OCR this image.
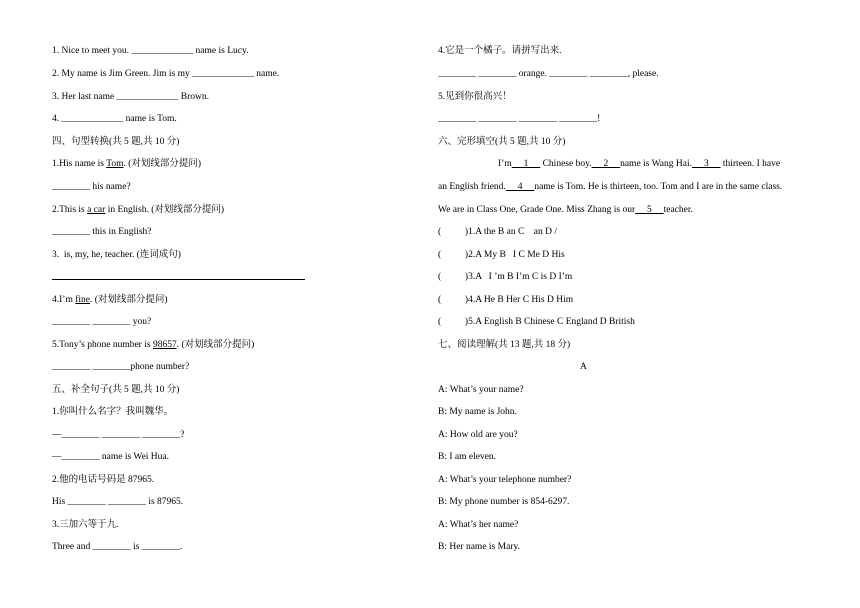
1. Nice to meet you. _____________ name is Lucy.
2. My name is Jim Green. Jim is my _____________ name.
3. Her last name _____________ Brown.
4. _____________ name is Tom.
四、句型转换(共 5 题,共 10 分)
1.His name is Tom. (对划线部分提问)
________ his name?
2.This is a car in English. (对划线部分提问)
________ this in English?
3.  is, my, he, teacher. (连词成句)
4.I’m fine. (对划线部分提问)
________ ________ you?
5.Tony’s phone number is 98657. (对划线部分提问)
________ ________phone number?
五、补全句子(共 5 题,共 10 分)
1.你叫什么名字？我叫魏华。
—________ ________ ________?
—________ name is Wei Hua.
2.他的电话号码是 87965.
His ________ ________ is 87965.
3.三加六等于九.
Three and ________ is ________.
4.它是一个橘子。请拼写出来.
________ ________ orange. ________ ________, please.
5.见到你很高兴！
________ ________ ________ ________!
六、完形填空(共 5 题,共 10 分)
I’m     1      Chinese boy.     2     name is Wang Hai.     3      thirteen. I have
an English friend.     4     name is Tom. He is thirteen, too. Tom and I are in the same class.
We are in Class One, Grade One. Miss Zhang is our     5     teacher.
(          )1.A the B an C    an D /
(          )2.A My B   I C Me D His
(          )3.A   I ’m B I’m C is D I’m
(          )4.A He B Her C His D Him
(          )5.A English B Chinese C England D British
七、阅读理解(共 13 题,共 18 分)
A
A: What’s your name?
B: My name is John.
A: How old are you?
B: I am eleven.
A: What’s your telephone number?
B: My phone number is 854-6297.
A: What’s her name?
B: Her name is Mary.
